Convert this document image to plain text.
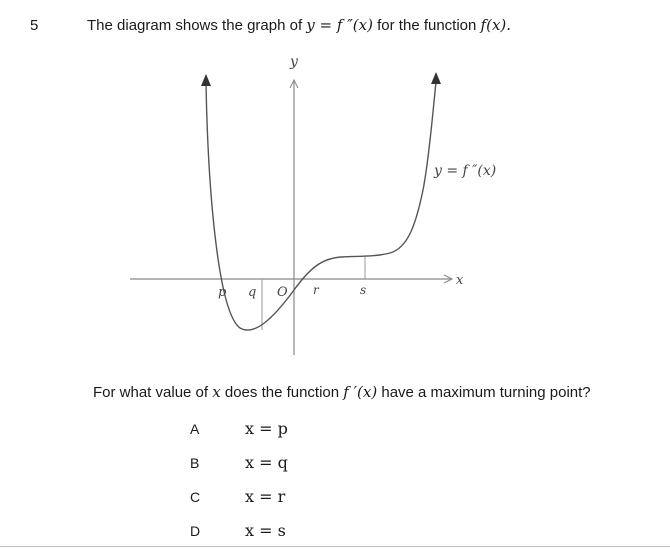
5	The diagram shows the graph of y = f ″(x) for the function f(x).
y
x
y = f ″(x)
p q O r	s
For what value of x does the function f ′(x) have a maximum turning point?
A	x = p
B	x = q
C	x = r
D	x = s
